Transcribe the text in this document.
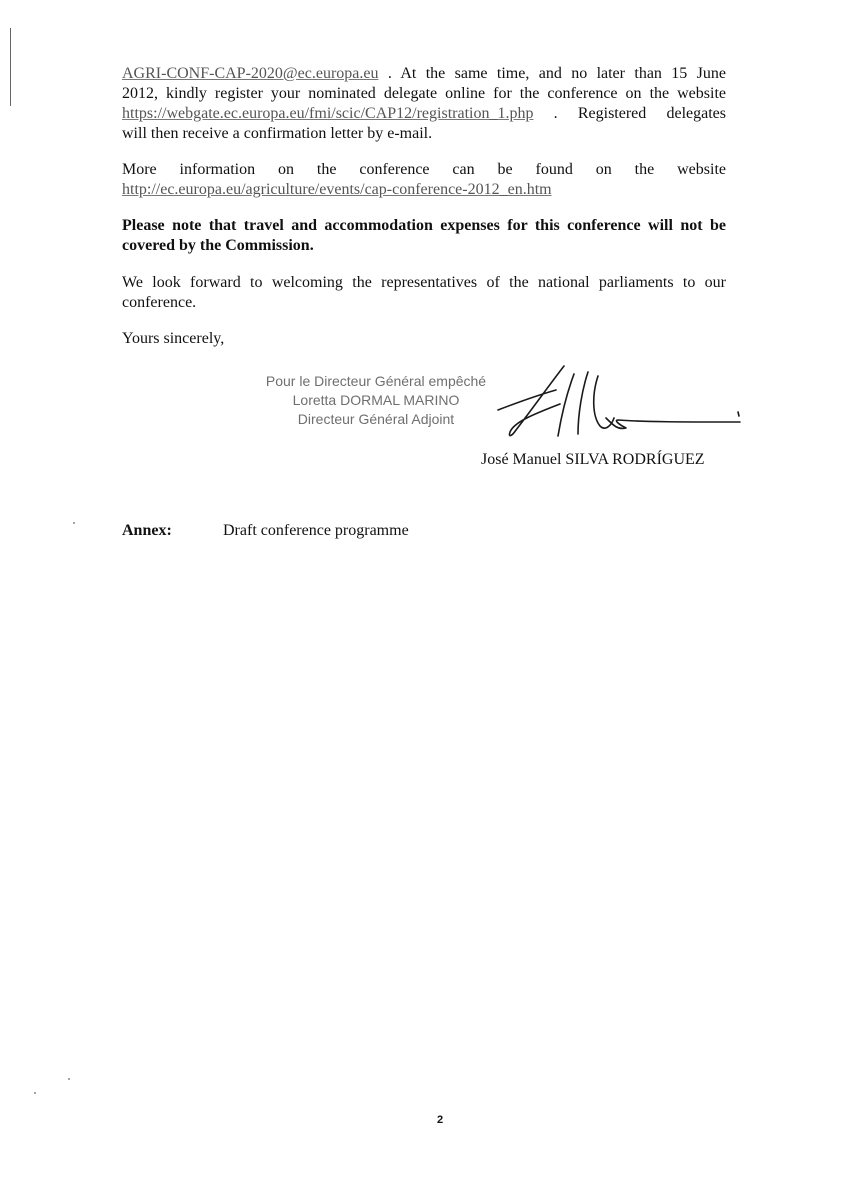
AGRI-CONF-CAP-2020@ec.europa.eu . At the same time, and no later than 15 June
2012, kindly register your nominated delegate online for the conference on the website
https://webgate.ec.europa.eu/fmi/scic/CAP12/registration_1.php . Registered delegates
will then receive a confirmation letter by e-mail.
More information on the conference can be found on the website
http://ec.europa.eu/agriculture/events/cap-conference-2012_en.htm
Please note that travel and accommodation expenses for this conference will not be
covered by the Commission.
We look forward to welcoming the representatives of the national parliaments to our
conference.
Yours sincerely,
Pour le Directeur Général empêché
Loretta DORMAL MARINO
Directeur Général Adjoint
José Manuel SILVA RODRÍGUEZ
Annex:	Draft conference programme
2
